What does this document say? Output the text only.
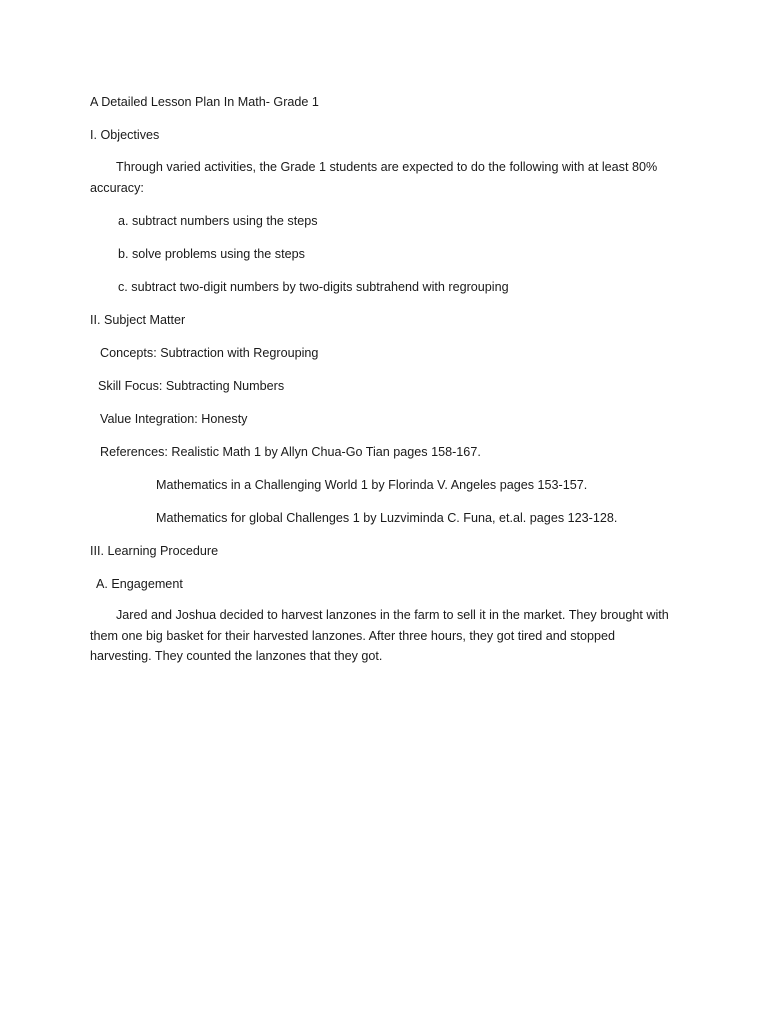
A Detailed Lesson Plan In Math- Grade 1
I. Objectives
Through varied activities, the Grade 1 students are expected to do the following with at least 80% accuracy:
a. subtract numbers using the steps
b. solve problems using the steps
c. subtract two-digit numbers by two-digits subtrahend with regrouping
II. Subject Matter
Concepts: Subtraction with Regrouping
Skill Focus: Subtracting Numbers
Value Integration: Honesty
References: Realistic Math 1 by Allyn Chua-Go Tian pages 158-167.
Mathematics in a Challenging World 1 by Florinda V. Angeles pages 153-157.
Mathematics for global Challenges 1 by Luzviminda C. Funa, et.al. pages 123-128.
III. Learning Procedure
A. Engagement
Jared and Joshua decided to harvest lanzones in the farm to sell it in the market. They brought with them one big basket for their harvested lanzones. After three hours, they got tired and stopped harvesting. They counted the lanzones that they got.
